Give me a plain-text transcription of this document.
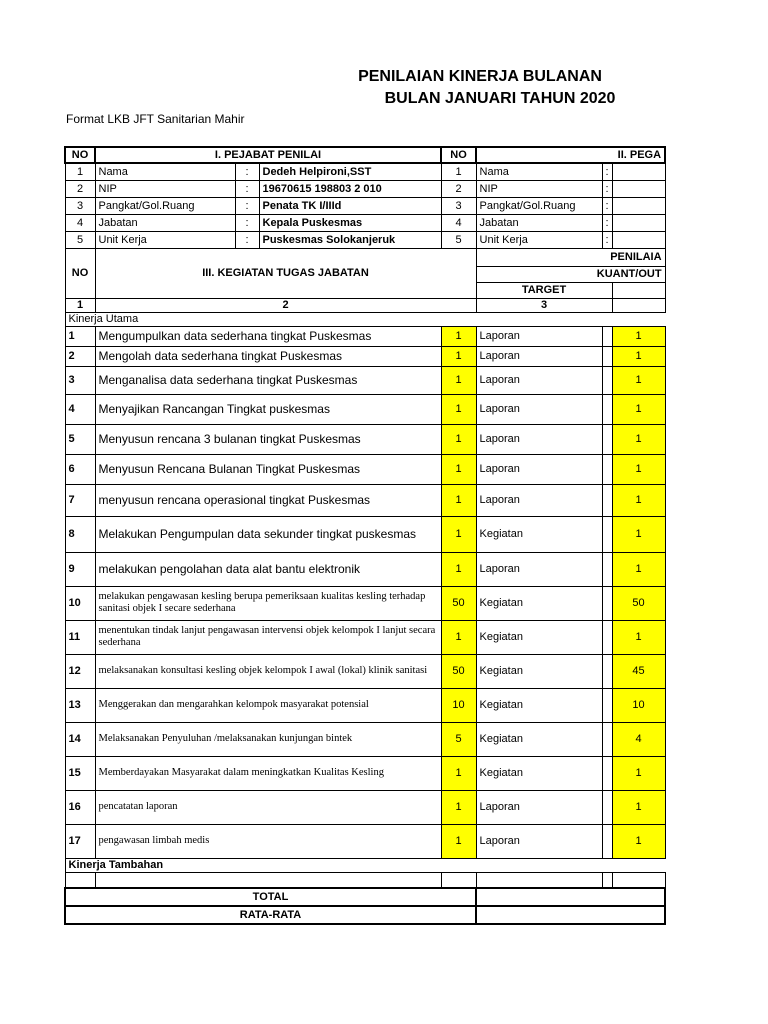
PENILAIAN KINERJA BULANAN
BULAN JANUARI TAHUN 2020
Format LKB JFT Sanitarian Mahir
NO	I. PEJABAT PENILAI			NO	II. PEGA		
1	Nama	:	Dedeh Helpironi,SST	1	Nama	:	
2	NIP	:	19670615 198803 2 010	2	NIP	:	
3	Pangkat/Gol.Ruang	:	Penata TK I/IIId	3	Pangkat/Gol.Ruang	:	
4	Jabatan	:	Kepala Puskesmas	4	Jabatan	:	
5	Unit Kerja	:	Puskesmas Solokanjeruk	5	Unit Kerja	:	
NO	III. KEGIATAN TUGAS JABATAN				PENILAIA		
					KUANT/OUT		
					TARGET		
1	2				3		
Kinerja Utama							
1	Mengumpulkan data sederhana tingkat Puskesmas			1	Laporan		1
2	Mengolah data sederhana tingkat Puskesmas			1	Laporan		1
3	Menganalisa data sederhana tingkat Puskesmas			1	Laporan		1
4	Menyajikan Rancangan Tingkat puskesmas			1	Laporan		1
5	Menyusun rencana 3 bulanan tingkat Puskesmas			1	Laporan		1
6	Menyusun Rencana Bulanan Tingkat Puskesmas			1	Laporan		1
7	menyusun rencana operasional tingkat Puskesmas			1	Laporan		1
8	Melakukan Pengumpulan data sekunder tingkat puskesmas			1	Kegiatan		1
9	melakukan pengolahan data alat bantu elektronik			1	Laporan		1
10	melakukan pengawasan kesling berupa pemeriksaan kualitas kesling terhadap sanitasi objek I secare sederhana			50	Kegiatan		50
11	menentukan tindak lanjut pengawasan intervensi objek kelompok I lanjut secara sederhana			1	Kegiatan		1
12	melaksanakan konsultasi kesling objek kelompok I awal (lokal) klinik sanitasi			50	Kegiatan		45
13	Menggerakan dan mengarahkan kelompok masyarakat potensial			10	Kegiatan		10
14	Melaksanakan Penyuluhan /melaksanakan kunjungan bintek			5	Kegiatan		4
15	Memberdayakan Masyarakat dalam meningkatkan Kualitas Kesling			1	Kegiatan		1
16	pencatatan laporan			1	Laporan		1
17	pengawasan limbah medis			1	Laporan		1
Kinerja Tambahan							

TOTAL							
RATA-RATA							
